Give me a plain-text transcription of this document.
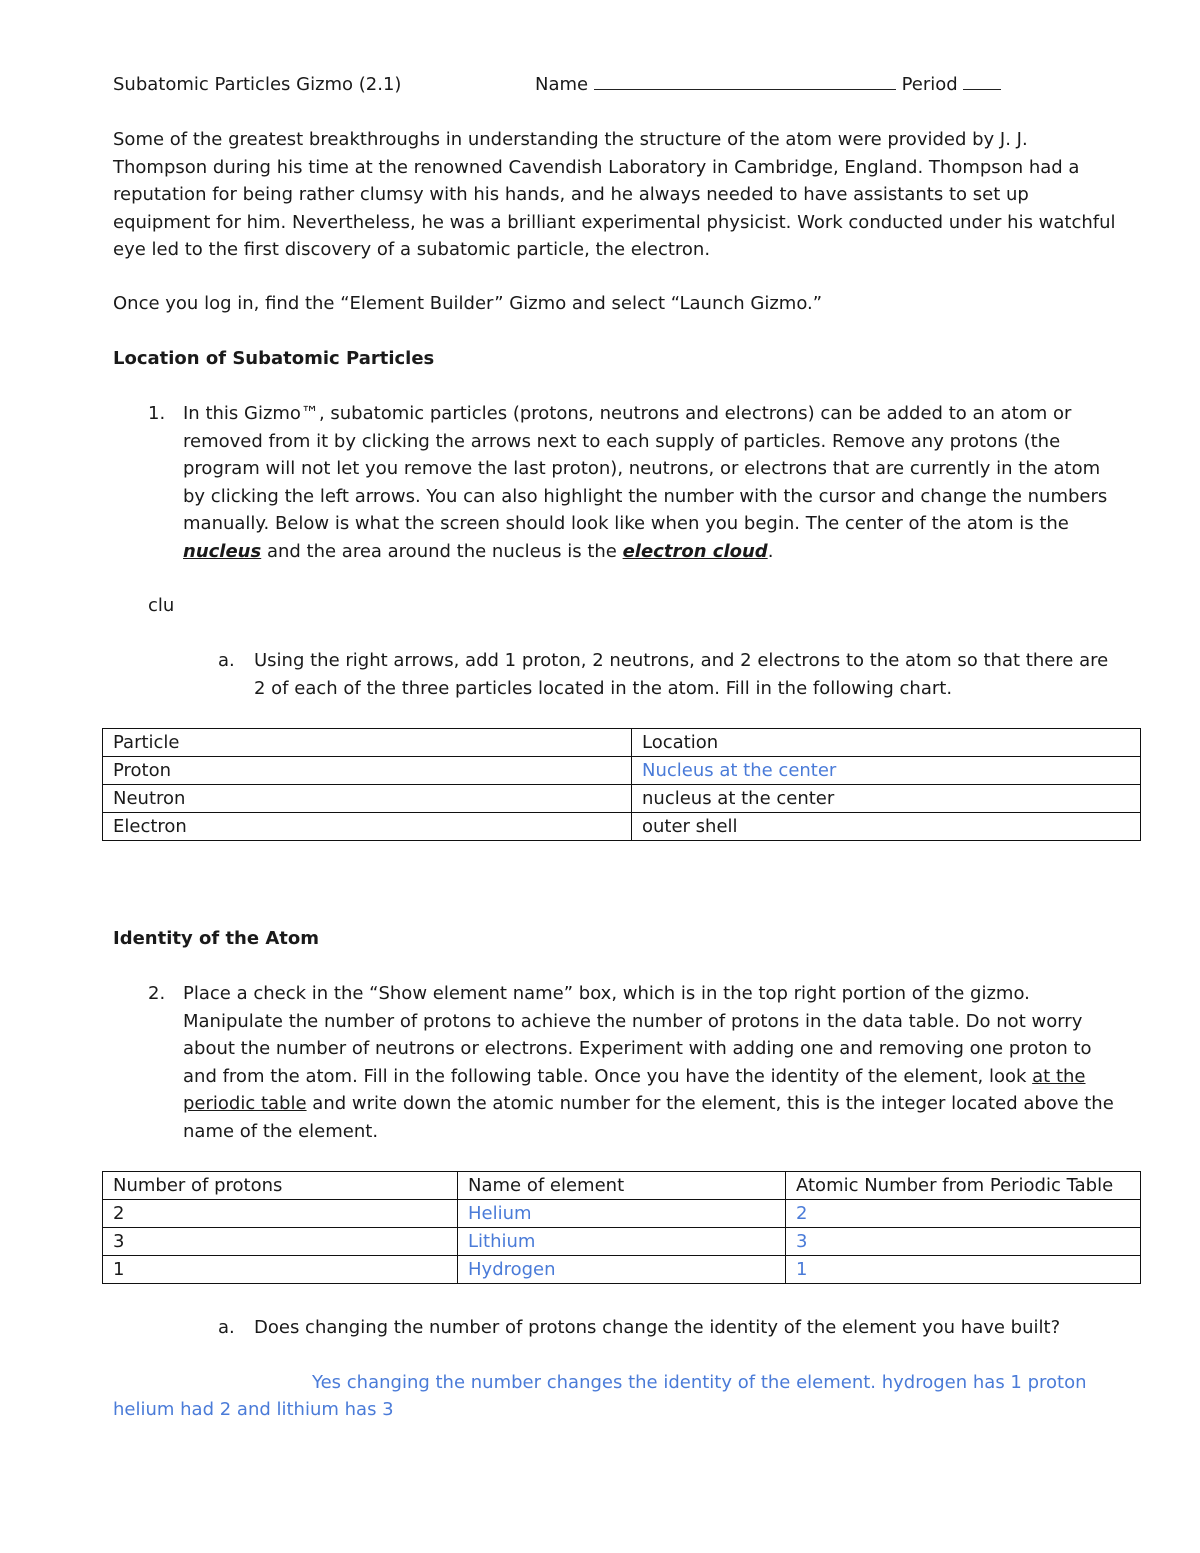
Subatomic Particles Gizmo (2.1)	Name	Period
Some of the greatest breakthroughs in understanding the structure of the atom were provided by J. J.
Thompson during his time at the renowned Cavendish Laboratory in Cambridge, England. Thompson had a
reputation for being rather clumsy with his hands, and he always needed to have assistants to set up
equipment for him. Nevertheless, he was a brilliant experimental physicist. Work conducted under his watchful
eye led to the first discovery of a subatomic particle, the electron.
Once you log in, find the “Element Builder” Gizmo and select “Launch Gizmo.”
Location of Subatomic Particles
1. In this Gizmo™, subatomic particles (protons, neutrons and electrons) can be added to an atom or
removed from it by clicking the arrows next to each supply of particles. Remove any protons (the
program will not let you remove the last proton), neutrons, or electrons that are currently in the atom
by clicking the left arrows. You can also highlight the number with the cursor and change the numbers
manually. Below is what the screen should look like when you begin. The center of the atom is the
nucleus and the area around the nucleus is the electron cloud.
clu
a. Using the right arrows, add 1 proton, 2 neutrons, and 2 electrons to the atom so that there are
2 of each of the three particles located in the atom. Fill in the following chart.
Particle	Location
Proton	Nucleus at the center
Neutron	nucleus at the center
Electron	outer shell
Identity of the Atom
2. Place a check in the “Show element name” box, which is in the top right portion of the gizmo.
Manipulate the number of protons to achieve the number of protons in the data table. Do not worry
about the number of neutrons or electrons. Experiment with adding one and removing one proton to
and from the atom. Fill in the following table. Once you have the identity of the element, look at the
periodic table and write down the atomic number for the element, this is the integer located above the
name of the element.
Number of protons	Name of element	Atomic Number from Periodic Table
2	Helium	2
3	Lithium	3
1	Hydrogen	1
a. Does changing the number of protons change the identity of the element you have built?
Yes changing the number changes the identity of the element. hydrogen has 1 proton
helium had 2 and lithium has 3
